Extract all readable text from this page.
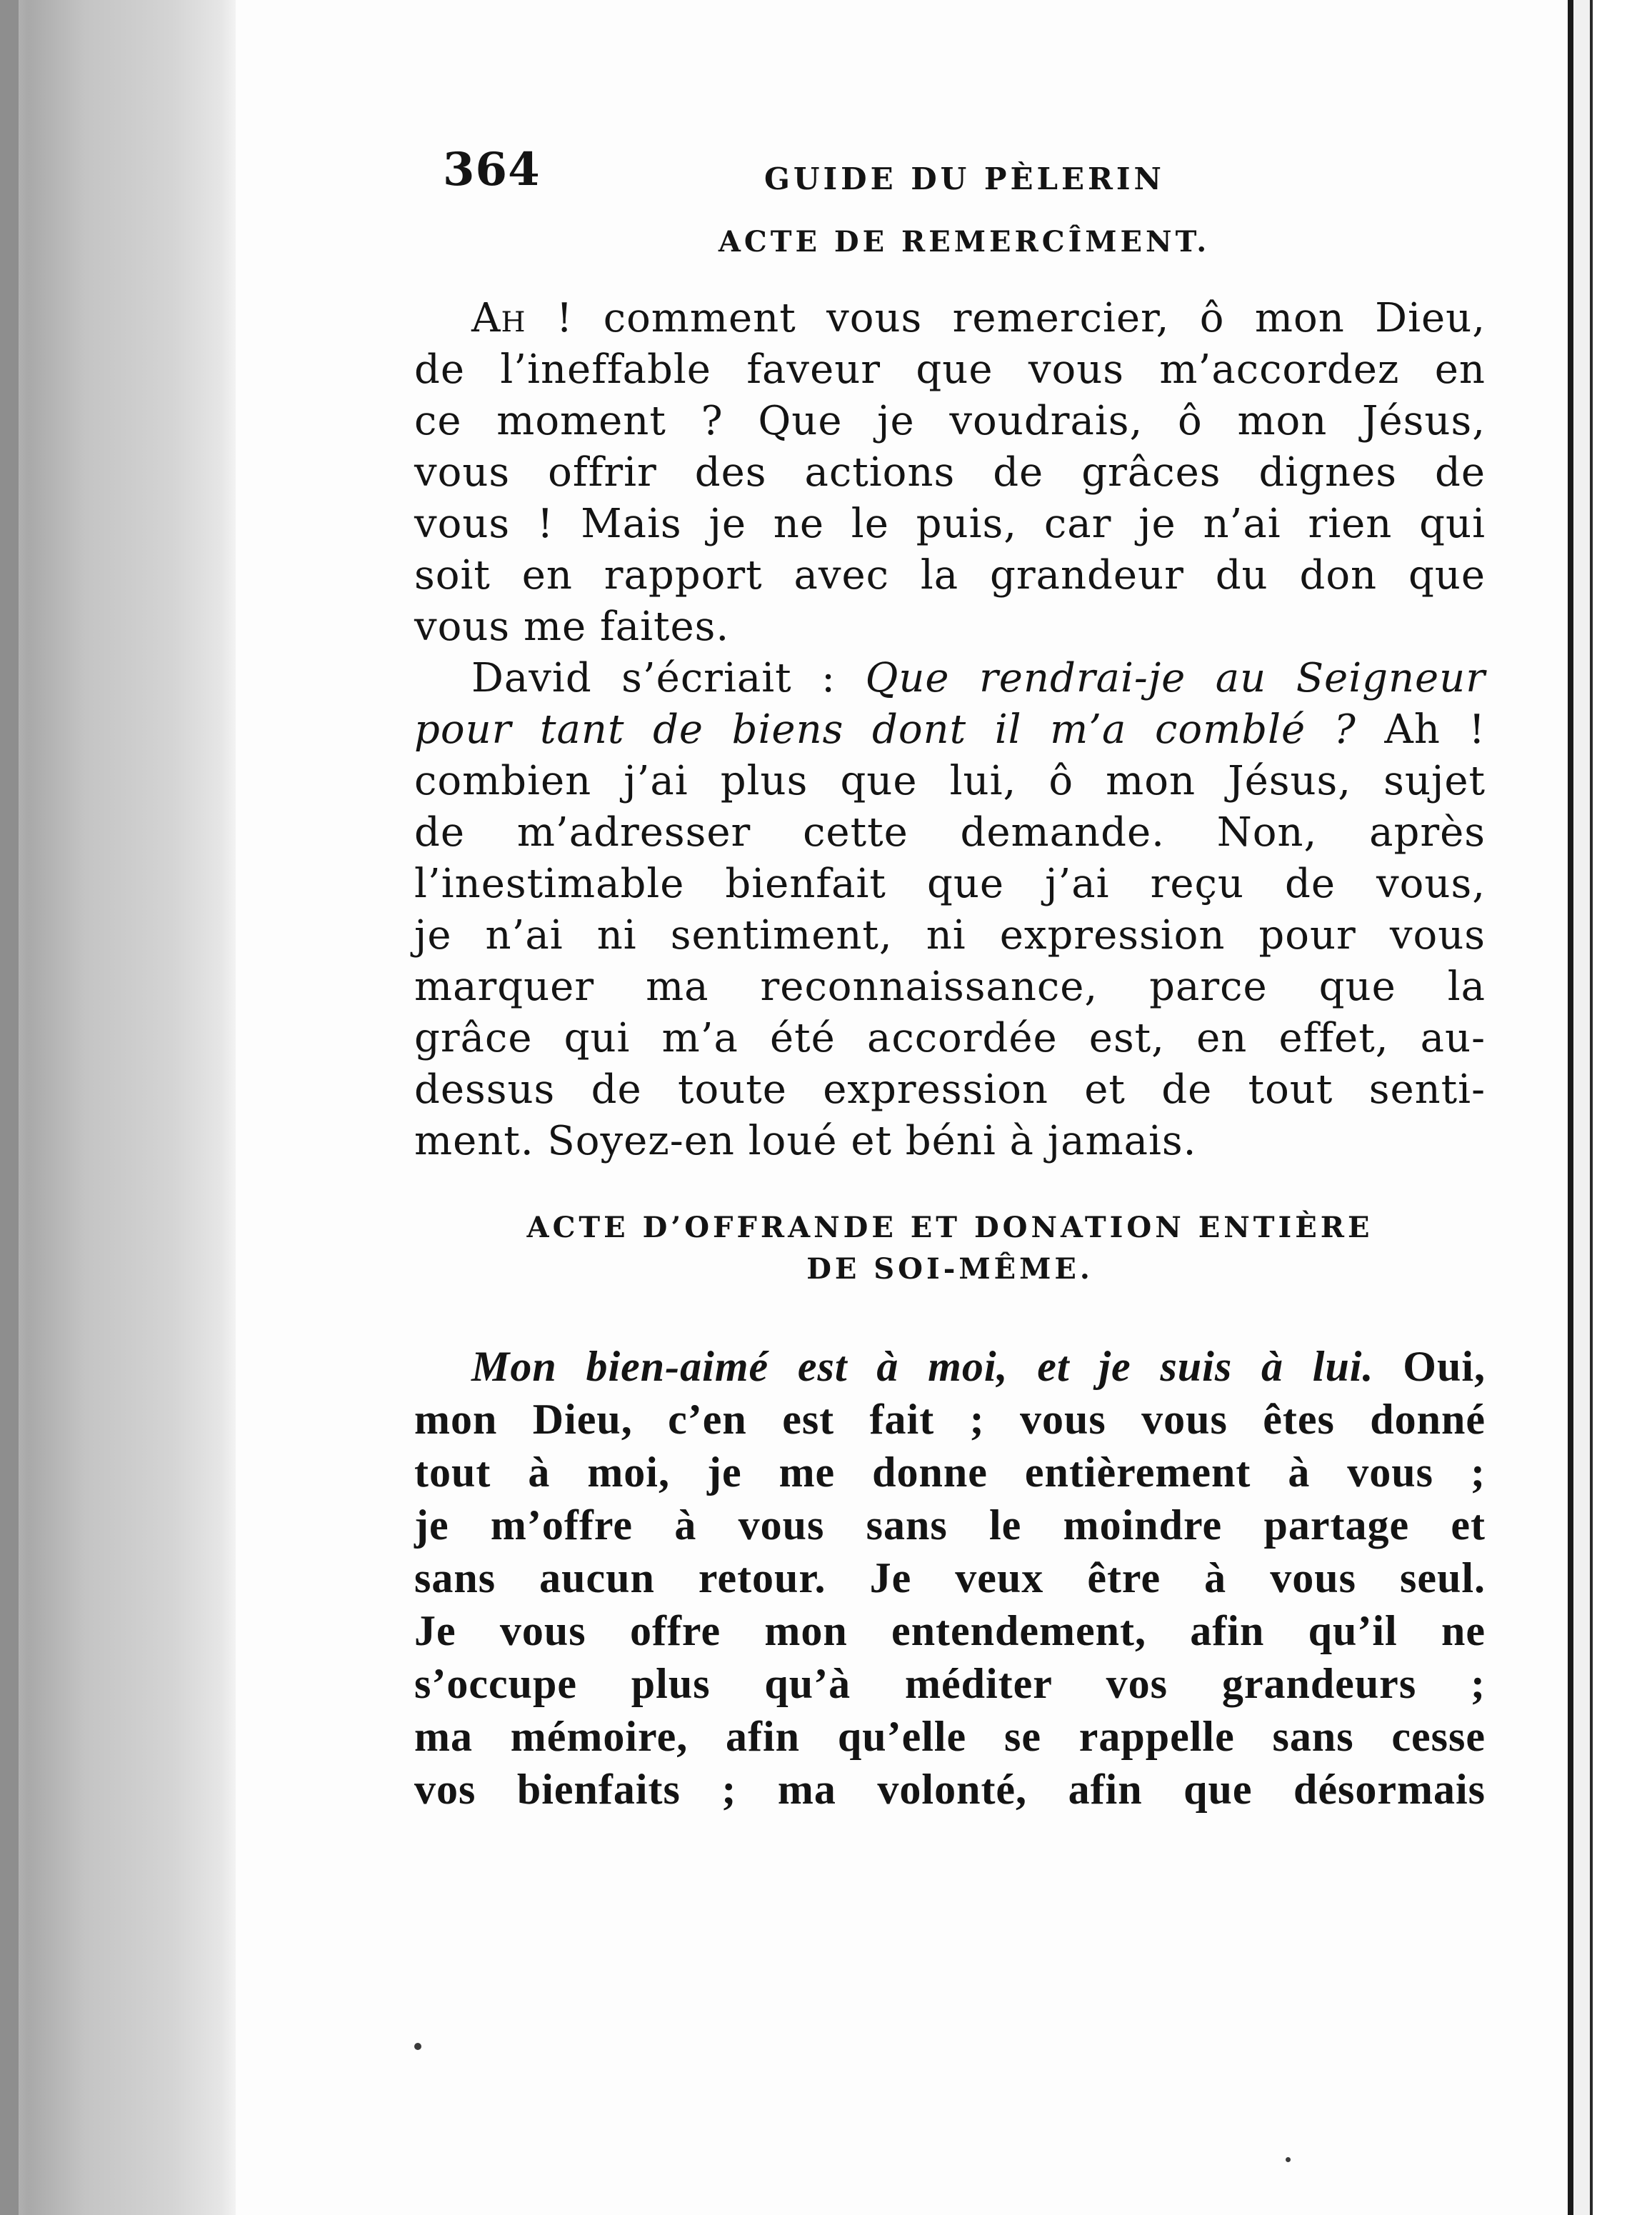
364	GUIDE DU PÈLERIN
ACTE DE REMERCÎMENT.
Ah ! comment vous remercier, ô mon Dieu,
de l’ineffable faveur que vous m’accordez en
ce moment ? Que je voudrais, ô mon Jésus,
vous offrir des actions de grâces dignes de
vous ! Mais je ne le puis, car je n’ai rien qui
soit en rapport avec la grandeur du don que
vous me faites.
David s’écriait : Que rendrai-je au Seigneur
pour tant de biens dont il m’a comblé ? Ah !
combien j’ai plus que lui, ô mon Jésus, sujet
de m’adresser cette demande. Non, après
l’inestimable bienfait que j’ai reçu de vous,
je n’ai ni sentiment, ni expression pour vous
marquer ma reconnaissance, parce que la
grâce qui m’a été accordée est, en effet, au-
dessus de toute expression et de tout senti-
ment. Soyez-en loué et béni à jamais.
ACTE D’OFFRANDE ET DONATION ENTIÈRE
DE SOI-MÊME.
Mon bien-aimé est à moi, et je suis à lui. Oui,
mon Dieu, c’en est fait ; vous vous êtes donné
tout à moi, je me donne entièrement à vous ;
je m’offre à vous sans le moindre partage et
sans aucun retour. Je veux être à vous seul.
Je vous offre mon entendement, afin qu’il ne
s’occupe plus qu’à méditer vos grandeurs ;
ma mémoire, afin qu’elle se rappelle sans cesse
vos bienfaits ; ma volonté, afin que désormais
